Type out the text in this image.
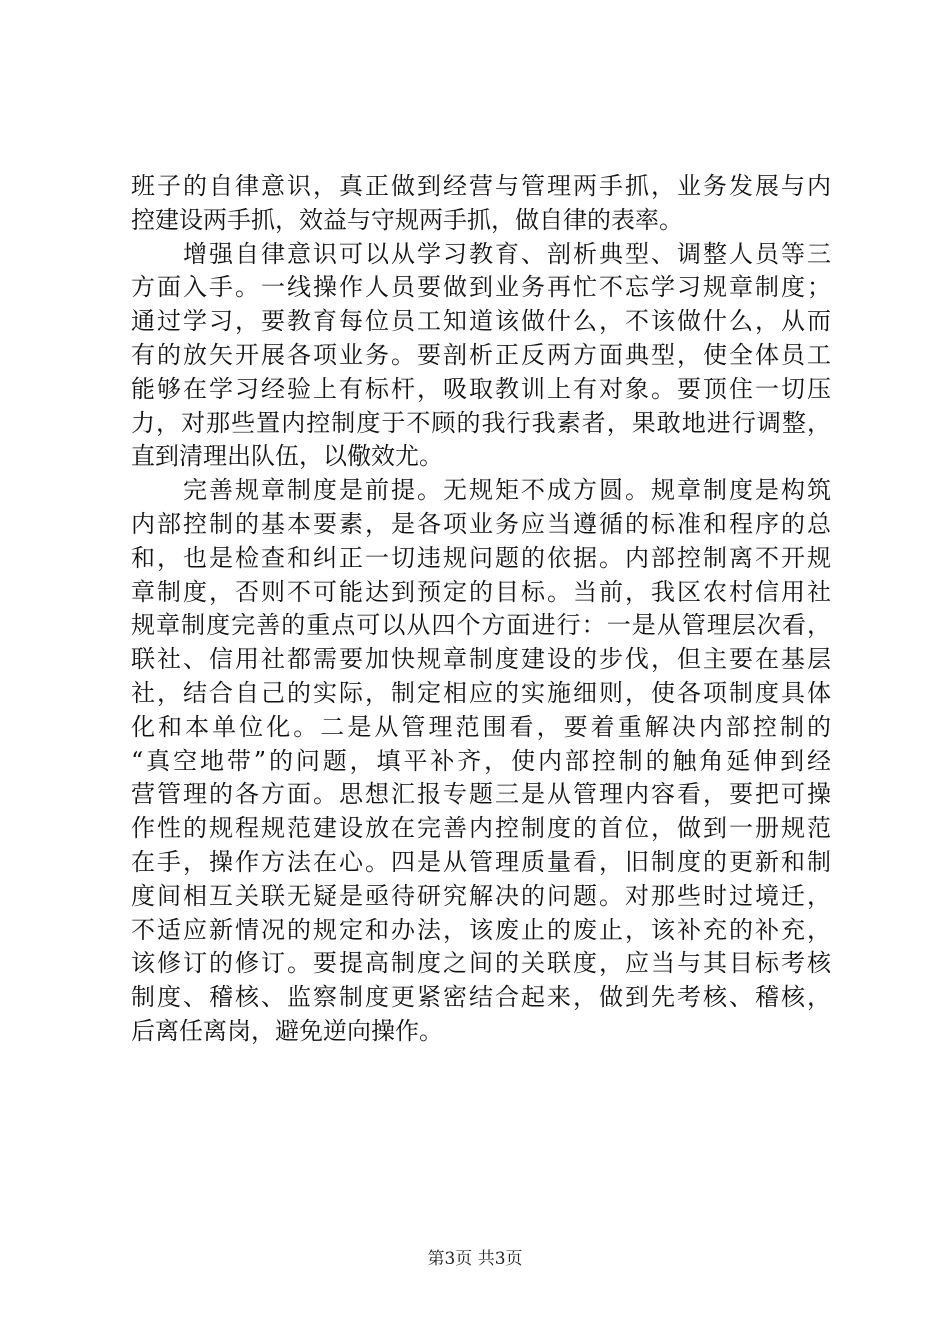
班子的自律意识，真正做到经营与管理两手抓，业务发展与内
控建设两手抓，效益与守规两手抓，做自律的表率。
　　增强自律意识可以从学习教育、剖析典型、调整人员等三
方面入手。一线操作人员要做到业务再忙不忘学习规章制度；
通过学习，要教育每位员工知道该做什么，不该做什么，从而
有的放矢开展各项业务。要剖析正反两方面典型，使全体员工
能够在学习经验上有标杆，吸取教训上有对象。要顶住一切压
力，对那些置内控制度于不顾的我行我素者，果敢地进行调整，
直到清理出队伍，以儆效尤。
　　完善规章制度是前提。无规矩不成方圆。规章制度是构筑
内部控制的基本要素，是各项业务应当遵循的标准和程序的总
和，也是检查和纠正一切违规问题的依据。内部控制离不开规
章制度，否则不可能达到预定的目标。当前，我区农村信用社
规章制度完善的重点可以从四个方面进行：一是从管理层次看，
联社、信用社都需要加快规章制度建设的步伐，但主要在基层
社，结合自己的实际，制定相应的实施细则，使各项制度具体
化和本单位化。二是从管理范围看，要着重解决内部控制的
“真空地带”的问题，填平补齐，使内部控制的触角延伸到经
营管理的各方面。思想汇报专题三是从管理内容看，要把可操
作性的规程规范建设放在完善内控制度的首位，做到一册规范
在手，操作方法在心。四是从管理质量看，旧制度的更新和制
度间相互关联无疑是亟待研究解决的问题。对那些时过境迁，
不适应新情况的规定和办法，该废止的废止，该补充的补充，
该修订的修订。要提高制度之间的关联度，应当与其目标考核
制度、稽核、监察制度更紧密结合起来，做到先考核、稽核，
后离任离岗，避免逆向操作。
第3页 共3页
